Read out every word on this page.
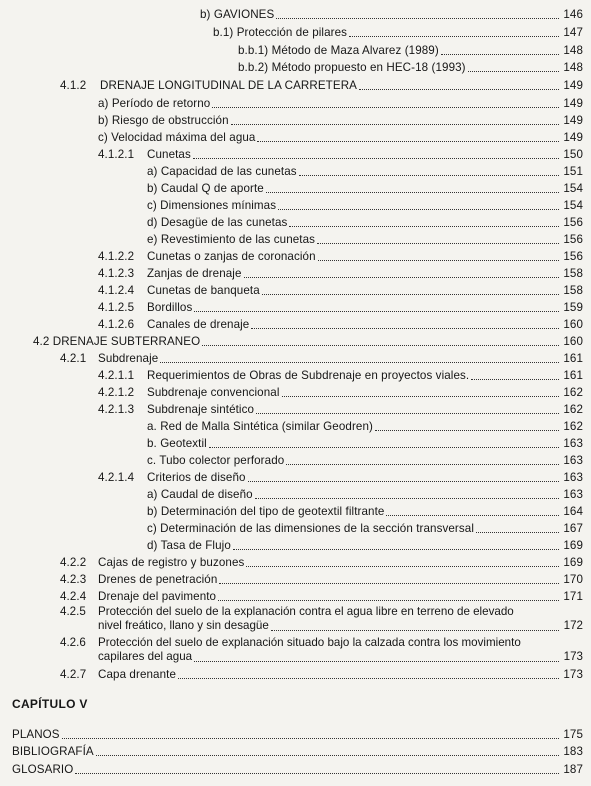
b) GAVIONES	146
b.1) Protección de pilares	147
b.b.1) Método de Maza Alvarez (1989)	148
b.b.2) Método propuesto en HEC-18 (1993)	148
4.1.2	DRENAJE LONGITUDINAL DE LA CARRETERA	149
a) Período de retorno	149
b) Riesgo de obstrucción	149
c) Velocidad máxima del agua	149
4.1.2.1	Cunetas	150
a) Capacidad de las cunetas	151
b) Caudal Q de aporte	154
c) Dimensiones mínimas	154
d) Desagüe de las cunetas	156
e) Revestimiento de las cunetas	156
4.1.2.2	Cunetas o zanjas de coronación	156
4.1.2.3	Zanjas de drenaje	158
4.1.2.4	Cunetas de banqueta	158
4.1.2.5	Bordillos	159
4.1.2.6	Canales de drenaje	160
4.2 DRENAJE SUBTERRANEO	160
4.2.1	Subdrenaje	161
4.2.1.1	Requerimientos de Obras de Subdrenaje en proyectos viales.	161
4.2.1.2	Subdrenaje convencional	162
4.2.1.3	Subdrenaje sintético	162
a. Red de Malla Sintética (similar Geodren)	162
b. Geotextil	163
c. Tubo colector perforado	163
4.2.1.4	Criterios de diseño	163
a) Caudal de diseño	163
b) Determinación del tipo de geotextil filtrante	164
c) Determinación de las dimensiones de la sección transversal	167
d) Tasa de Flujo	169
4.2.2	Cajas de registro y buzones	169
4.2.3	Drenes de penetración	170
4.2.4	Drenaje del pavimento	171
4.2.5 Protección del suelo de la explanación contra el agua libre en terreno de elevado
nivel freático, llano y sin desagüe	172
4.2.6 Protección del suelo de explanación situado bajo la calzada contra los movimiento
capilares del agua	173
4.2.7	Capa drenante	173
CAPÍTULO V
PLANOS	175
BIBLIOGRAFÍA	183
GLOSARIO	187
